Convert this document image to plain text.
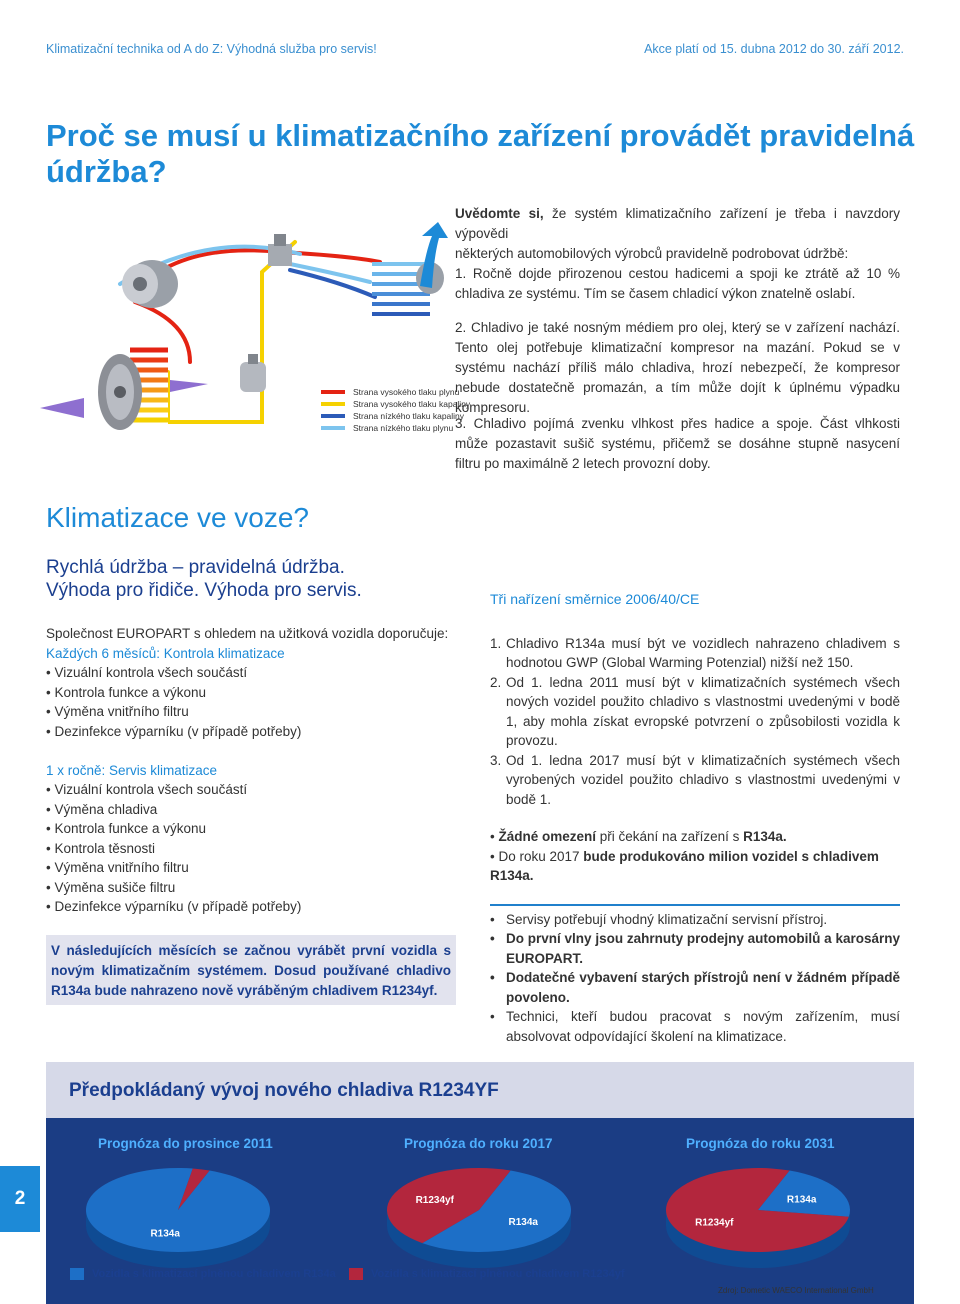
Klimatizační technika od A do Z: Výhodná služba pro servis!	Akce platí od 15. dubna 2012 do 30. září 2012.
Proč se musí u klimatizačního zařízení provádět pravidelná
údržba?
Strana vysokého tlaku plynu
Strana vysokého tlaku kapaliny
Strana nízkého tlaku kapaliny
Strana nízkého tlaku plynu
Uvědomte si, že systém klimatizačního zařízení je třeba i navzdory výpovědi
některých automobilových výrobců pravidelně podrobovat údržbě:
1. Ročně dojde přirozenou cestou hadicemi a spoji ke ztrátě až 10 % chladiva ze systému. Tím se časem chladicí výkon znatelně oslabí.
2. Chladivo je také nosným médiem pro olej, který se v zařízení nachází. Tento olej potřebuje klimatizační kompresor na mazání. Pokud se v systému nachází příliš málo chladiva, hrozí nebezpečí, že kompresor nebude dostatečně promazán, a tím může dojít k úplnému výpadku kompresoru.
3. Chladivo pojímá zvenku vlhkost přes hadice a spoje. Část vlhkosti může pozastavit sušič systému, přičemž se dosáhne stupně nasycení filtru po maximálně 2 letech provozní doby.
Klimatizace ve voze?
Rychlá údržba – pravidelná údržba.
Výhoda pro řidiče. Výhoda pro servis.
Společnost EUROPART s ohledem na užitková vozidla doporučuje:
Každých 6 měsíců: Kontrola klimatizace
• Vizuální kontrola všech součástí
• Kontrola funkce a výkonu
• Výměna vnitřního filtru
• Dezinfekce výparníku (v případě potřeby)
1 x ročně: Servis klimatizace
• Vizuální kontrola všech součástí
• Výměna chladiva
• Kontrola funkce a výkonu
• Kontrola těsnosti
• Výměna vnitřního filtru
• Výměna sušiče filtru
• Dezinfekce výparníku (v případě potřeby)
V následujících měsících se začnou vyrábět první vozidla s novým klimatizačním systémem. Dosud používané chladivo R134a bude nahrazeno nově vyráběným chladivem R1234yf.
Tři nařízení směrnice 2006/40/CE
1. Chladivo R134a musí být ve vozidlech nahrazeno chladivem s hodnotou GWP (Global Warming Potenzial) nižší než 150.
2. Od 1. ledna 2011 musí být v klimatizačních systémech všech nových vozidel použito chladivo s vlastnostmi uvedenými v bodě 1, aby mohla získat evropské potvrzení o způsobilosti vozidla k provozu.
3. Od 1. ledna 2017 musí být v klimatizačních systémech všech vyrobených vozidel použito chladivo s vlastnostmi uvedenými v bodě 1.
• Žádné omezení při čekání na zařízení s R134a.
• Do roku 2017 bude produkováno milion vozidel s chladivem R134a.
• Servisy potřebují vhodný klimatizační servisní přístroj.
• Do první vlny jsou zahrnuty prodejny automobilů a karosárny EUROPART.
• Dodatečné vybavení starých přístrojů není v žádném případě povoleno.
• Technici, kteří budou pracovat s novým zařízením, musí absolvovat odpovídající školení na klimatizace.
Předpokládaný vývoj nového chladiva R1234YF
Prognóza do prosince 2011	Prognóza do roku 2017	Prognóza do roku 2031
R134a
R134a
R1234yf	R134a
R1234yf
2
Vozidla s klimatizací plněnou chladivem R134a	Vozidla s klimatizací plněnou chladivem R1234yf
Zdroj: Dometic WAECO International GmbH
